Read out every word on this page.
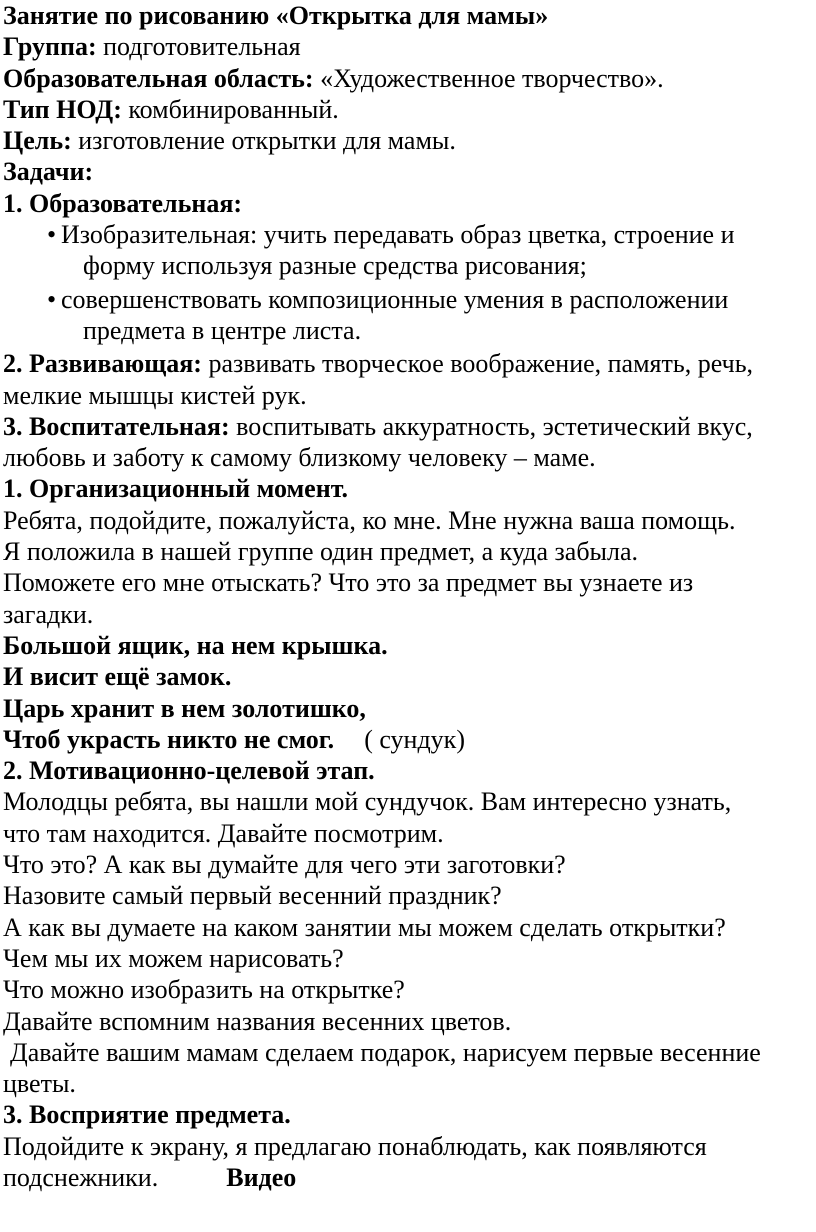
Занятие по рисованию «Открытка для мамы»
Группа: подготовительная
Образовательная область: «Художественное творчество».
Тип НОД: комбинированный.
Цель: изготовление открытки для мамы.
Задачи:
1. Образовательная:
• Изобразительная: учить передавать образ цветка, строение и
форму используя разные средства рисования;
• совершенствовать композиционные умения в расположении
предмета в центре листа.
2. Развивающая: развивать творческое воображение, память, речь,
мелкие мышцы кистей рук.
3. Воспитательная: воспитывать аккуратность, эстетический вкус,
любовь и заботу к самому близкому человеку – маме.
1. Организационный момент.
Ребята, подойдите, пожалуйста, ко мне. Мне нужна ваша помощь.
Я положила в нашей группе один предмет, а куда забыла.
Поможете его мне отыскать? Что это за предмет вы узнаете из
загадки.
Большой ящик, на нем крышка.
И висит ещё замок.
Царь хранит в нем золотишко,
Чтоб украсть никто не смог. ( сундук)
2. Мотивационно-целевой этап.
Молодцы ребята, вы нашли мой сундучок. Вам интересно узнать,
что там находится. Давайте посмотрим.
Что это? А как вы думайте для чего эти заготовки?
Назовите самый первый весенний праздник?
А как вы думаете на каком занятии мы можем сделать открытки?
Чем мы их можем нарисовать?
Что можно изобразить на открытке?
Давайте вспомним названия весенних цветов.
Давайте вашим мамам сделаем подарок, нарисуем первые весенние
цветы.
3. Восприятие предмета.
Подойдите к экрану, я предлагаю понаблюдать, как появляются
подснежники.	Видео
